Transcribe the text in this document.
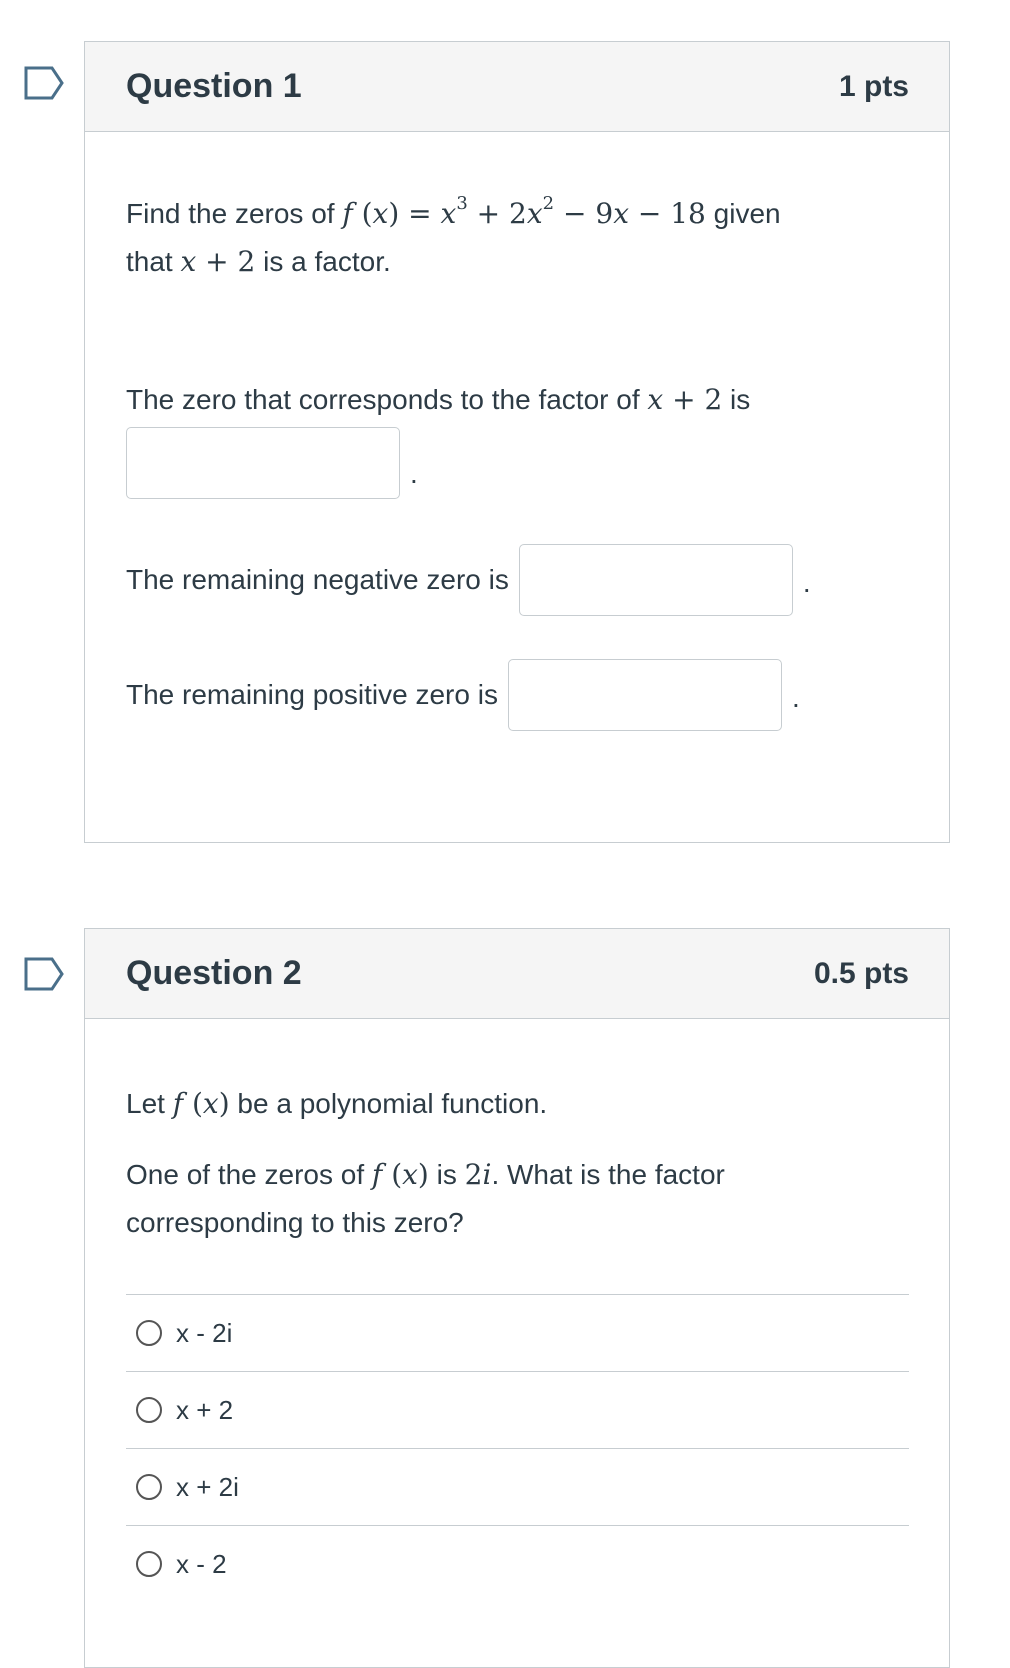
Question 1	1 pts
Find the zeros of f $(x) = x^3 + 2x^2 - 9x - 18$ given
that x + 2 is a factor.
The zero that corresponds to the factor of x + 2 is
.
The remaining negative zero is	.
The remaining positive zero is	.
Question 2	0.5 pts
Let f (x) be a polynomial function.
One of the zeros of f (x) is 2i. What is the factor
corresponding to this zero?
x - 2i
x + 2
x + 2i
x - 2
